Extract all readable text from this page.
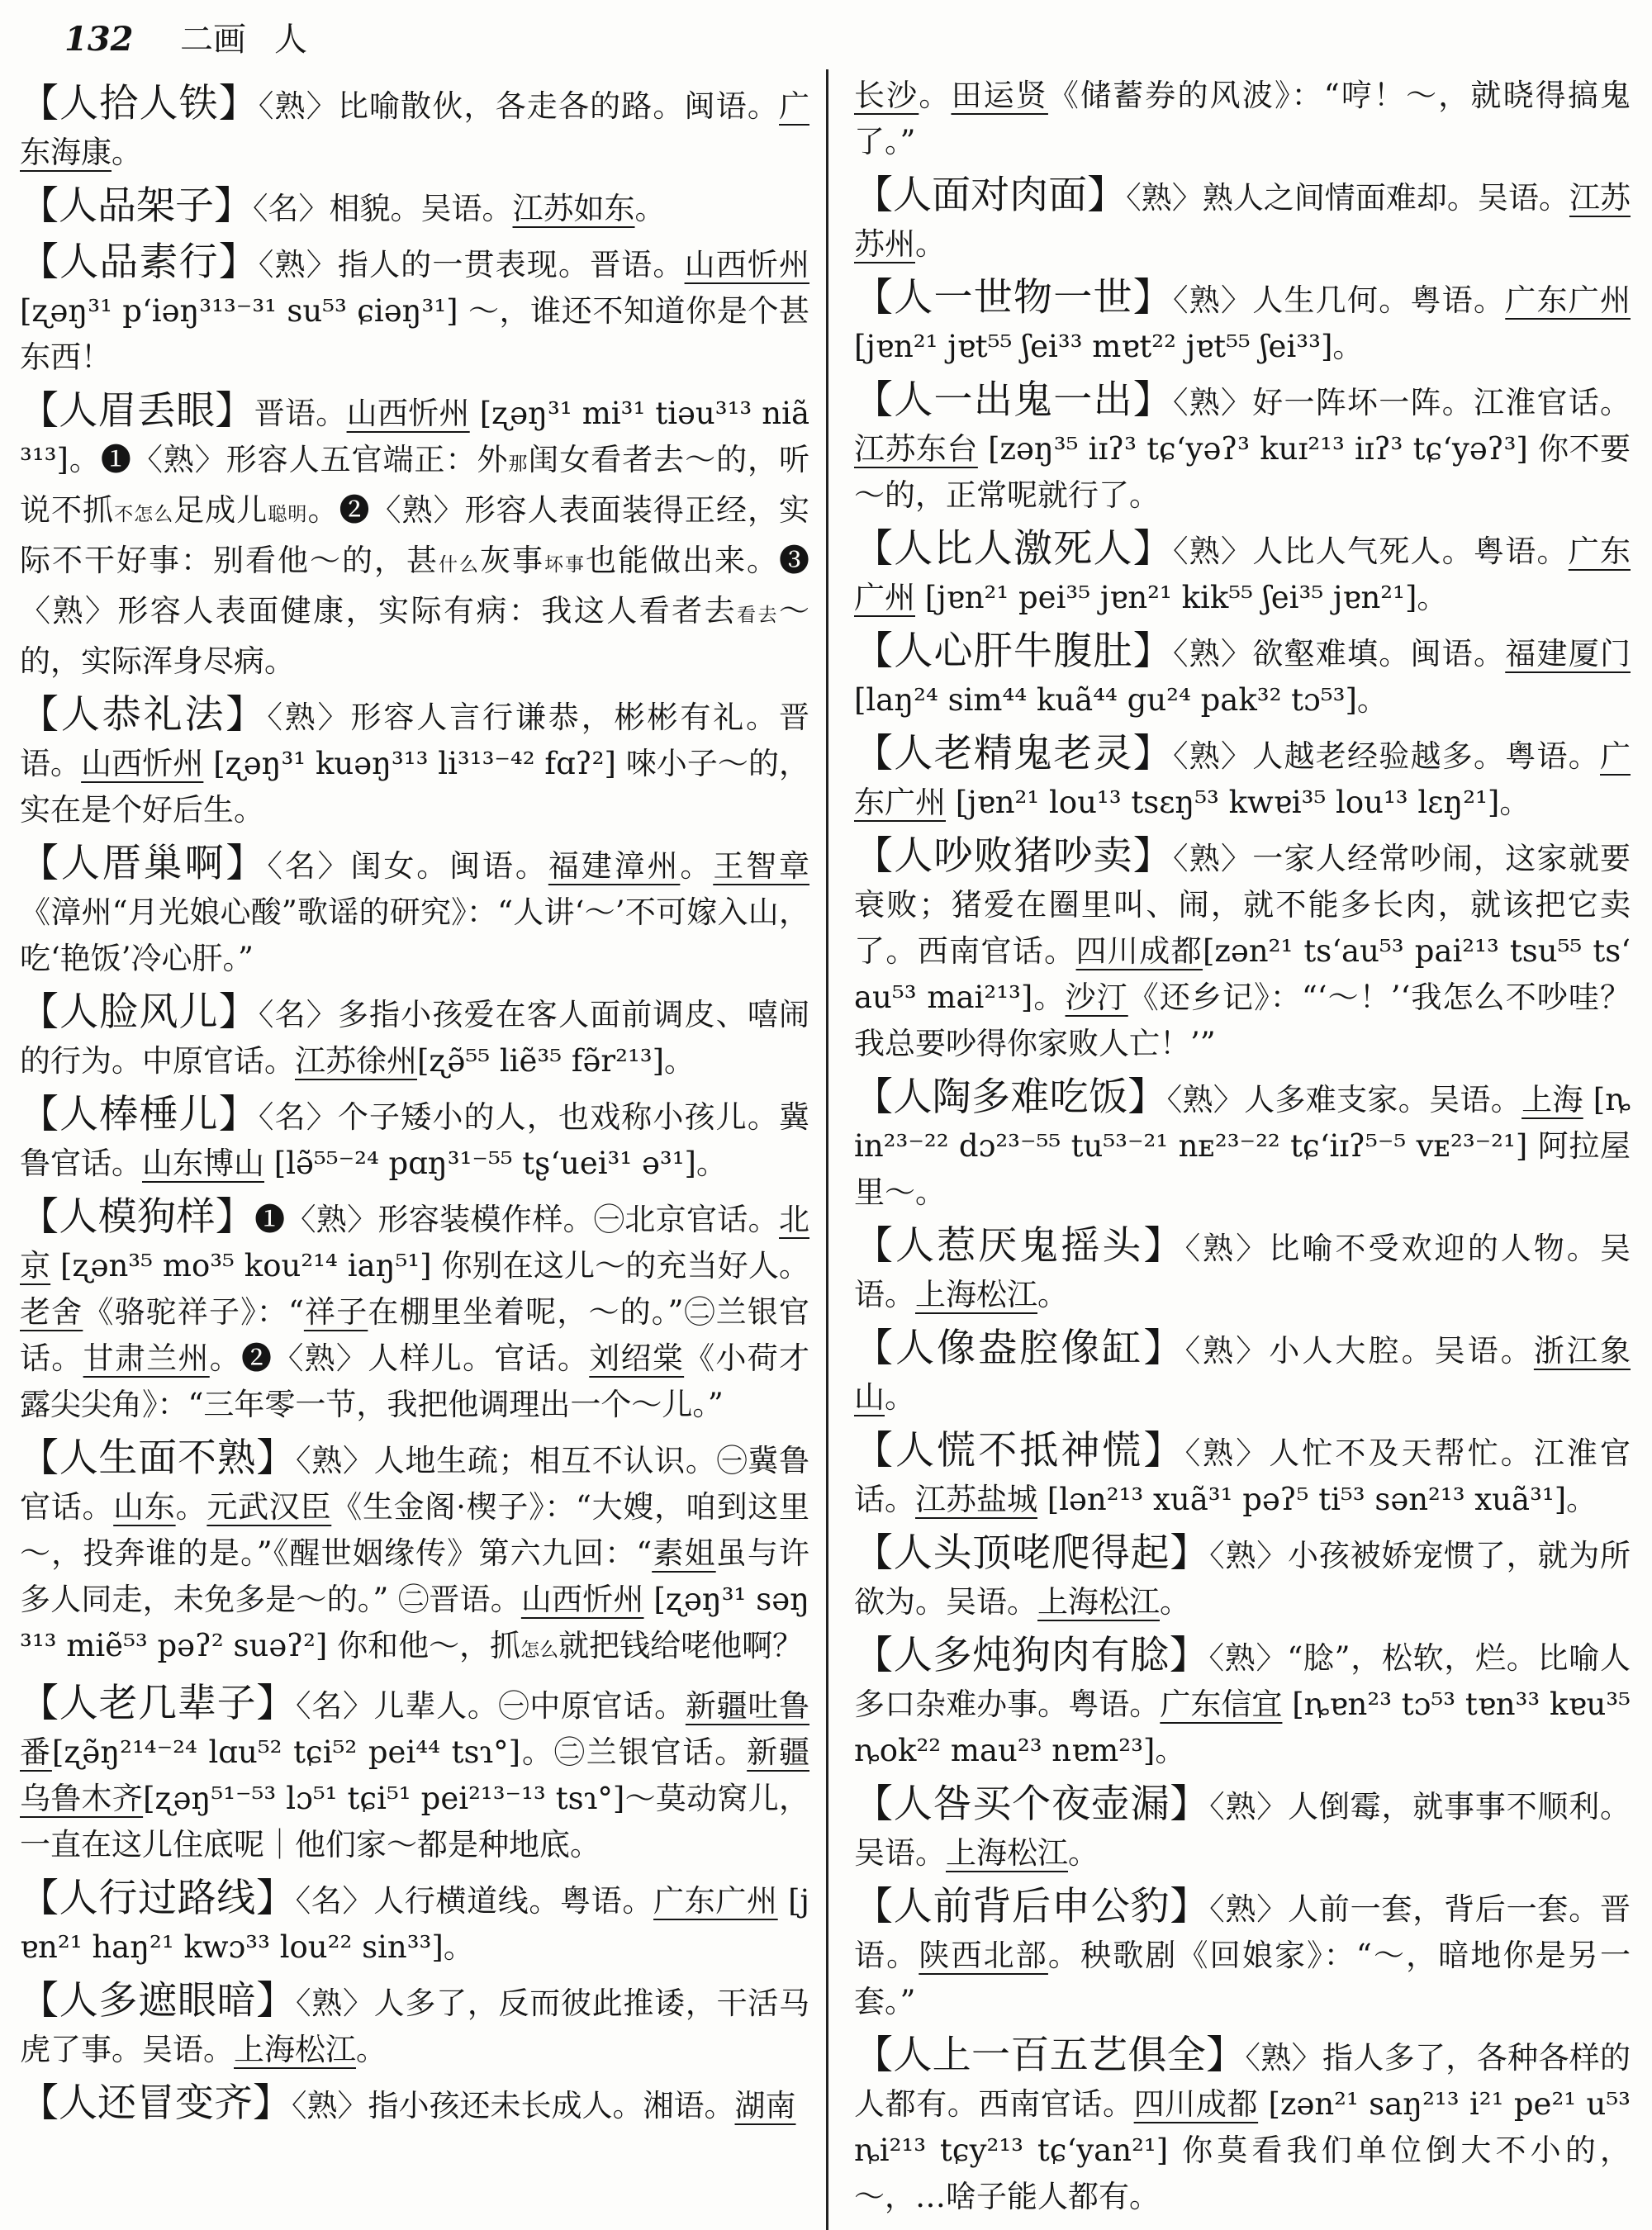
132 二画 人
【人拾人铁】〈熟〉比喻散伙，各走各的路。闽语。广东海康。
【人品架子】〈名〉相貌。吴语。江苏如东。
【人品素行】〈熟〉指人的一贯表现。晋语。山西忻州 [ʐəŋ³¹ pʻiəŋ³¹³⁻³¹ su⁵³ ɕiəŋ³¹] ～，谁还不知道你是个甚东西！
【人眉丢眼】晋语。山西忻州 [ʐəŋ³¹ mi³¹ tiəu³¹³ niã³¹³]。❶〈熟〉形容人五官端正：外那闺女看者去～的，听说不抓不怎么足成儿聪明。❷〈熟〉形容人表面装得正经，实际不干好事：别看他～的，甚什么灰事坏事也能做出来。❸〈熟〉形容人表面健康，实际有病：我这人看者去看去～的，实际浑身尽病。
【人恭礼法】〈熟〉形容人言行谦恭，彬彬有礼。晋语。山西忻州 [ʐəŋ³¹ kuəŋ³¹³ li³¹³⁻⁴² fɑʔ²] 唻小子～的，实在是个好后生。
【人厝巢啊】〈名〉闺女。闽语。福建漳州。王智章《漳州“月光娘心酸”歌谣的研究》：“人讲‘～’不可嫁入山，吃‘艳饭’冷心肝。”
【人脸风儿】〈名〉多指小孩爱在客人面前调皮、嘻闹的行为。中原官话。江苏徐州[ʐə̃⁵⁵ liẽ³⁵ fə̃r²¹³]。
【人棒棰儿】〈名〉个子矮小的人，也戏称小孩儿。冀鲁官话。山东博山 [lə̃⁵⁵⁻²⁴ pɑŋ³¹⁻⁵⁵ tʂʻuei³¹ ə³¹]。
【人模狗样】❶〈熟〉形容装模作样。㊀北京官话。北京 [ʐən³⁵ mo³⁵ kou²¹⁴ iaŋ⁵¹] 你别在这儿～的充当好人。老舍《骆驼祥子》：“祥子在棚里坐着呢，～的。”㊁兰银官话。甘肃兰州。❷〈熟〉人样儿。官话。刘绍棠《小荷才露尖尖角》：“三年零一节，我把他调理出一个～儿。”
【人生面不熟】〈熟〉人地生疏；相互不认识。㊀冀鲁官话。山东。元武汉臣《生金阁·楔子》：“大嫂，咱到这里～，投奔谁的是。”《醒世姻缘传》第六九回：“素姐虽与许多人同走，未免多是～的。” ㊁晋语。山西忻州 [ʐəŋ³¹ səŋ³¹³ miẽ⁵³ pəʔ² suəʔ²] 你和他～，抓怎么就把钱给咾他啊？
【人老几辈子】〈名〉儿辈人。㊀中原官话。新疆吐鲁番[ʐə̃ŋ²¹⁴⁻²⁴ lɑu⁵² tɕi⁵² pei⁴⁴ tsɿ°]。㊁兰银官话。新疆乌鲁木齐[ʐəŋ⁵¹⁻⁵³ lɔ⁵¹ tɕi⁵¹ pei²¹³⁻¹³ tsɿ°]～莫动窝儿，一直在这儿住底呢｜他们家～都是种地底。
【人行过路线】〈名〉人行横道线。粤语。广东广州 [jɐn²¹ haŋ²¹ kwɔ³³ lou²² sin³³]。
【人多遮眼暗】〈熟〉人多了，反而彼此推诿，干活马虎了事。吴语。上海松江。
【人还冒变齐】〈熟〉指小孩还未长成人。湘语。湖南
长沙。田运贤《储蓄券的风波》：“哼！～，就晓得搞鬼了。”
【人面对肉面】〈熟〉熟人之间情面难却。吴语。江苏苏州。
【人一世物一世】〈熟〉人生几何。粤语。广东广州 [jɐn²¹ jɐt⁵⁵ ʃei³³ mɐt²² jɐt⁵⁵ ʃei³³]。
【人一出鬼一出】〈熟〉好一阵坏一阵。江淮官话。江苏东台 [zəŋ³⁵ iɪʔ³ tɕʻyəʔ³ kuɪ²¹³ iɪʔ³ tɕʻyəʔ³] 你不要～的，正常呢就行了。
【人比人激死人】〈熟〉人比人气死人。粤语。广东广州 [jɐn²¹ pei³⁵ jɐn²¹ kik⁵⁵ ʃei³⁵ jɐn²¹]。
【人心肝牛腹肚】〈熟〉欲壑难填。闽语。福建厦门 [laŋ²⁴ sim⁴⁴ kuã⁴⁴ gu²⁴ pak³² tɔ⁵³]。
【人老精鬼老灵】〈熟〉人越老经验越多。粤语。广东广州 [jɐn²¹ lou¹³ tsɛŋ⁵³ kwɐi³⁵ lou¹³ lɛŋ²¹]。
【人吵败猪吵卖】〈熟〉一家人经常吵闹，这家就要衰败；猪爱在圈里叫、闹，就不能多长肉，就该把它卖了。西南官话。四川成都[zən²¹ tsʻau⁵³ pai²¹³ tsu⁵⁵ tsʻau⁵³ mai²¹³]。沙汀《还乡记》：“‘～！’‘我怎么不吵哇？我总要吵得你家败人亡！’”
【人陶多难吃饭】〈熟〉人多难支家。吴语。上海 [ȵin²³⁻²² dɔ²³⁻⁵⁵ tu⁵³⁻²¹ nᴇ²³⁻²² tɕʻiɪʔ⁵⁻⁵ vᴇ²³⁻²¹] 阿拉屋里～。
【人惹厌鬼摇头】〈熟〉比喻不受欢迎的人物。吴语。上海松江。
【人像盎腔像缸】〈熟〉小人大腔。吴语。浙江象山。
【人慌不抵神慌】〈熟〉人忙不及天帮忙。江淮官话。江苏盐城 [lən²¹³ xuã³¹ pəʔ⁵ ti⁵³ sən²¹³ xuã³¹]。
【人头顶咾爬得起】〈熟〉小孩被娇宠惯了，就为所欲为。吴语。上海松江。
【人多炖狗肉有腍】〈熟〉“腍”，松软，烂。比喻人多口杂难办事。粤语。广东信宜 [ȵɐn²³ tɔ⁵³ tɐn³³ kɐu³⁵ ȵok²² mau²³ nɐm²³]。
【人咎买个夜壶漏】〈熟〉人倒霉，就事事不顺利。吴语。上海松江。
【人前背后申公豹】〈熟〉人前一套，背后一套。晋语。陕西北部。秧歌剧《回娘家》：“～，暗地你是另一套。”
【人上一百五艺俱全】〈熟〉指人多了，各种各样的人都有。西南官话。四川成都 [zən²¹ saŋ²¹³ i²¹ pe²¹ u⁵³ ȵi²¹³ tɕy²¹³ tɕʻyan²¹] 你莫看我们单位倒大不小的，～，…啥子能人都有。
